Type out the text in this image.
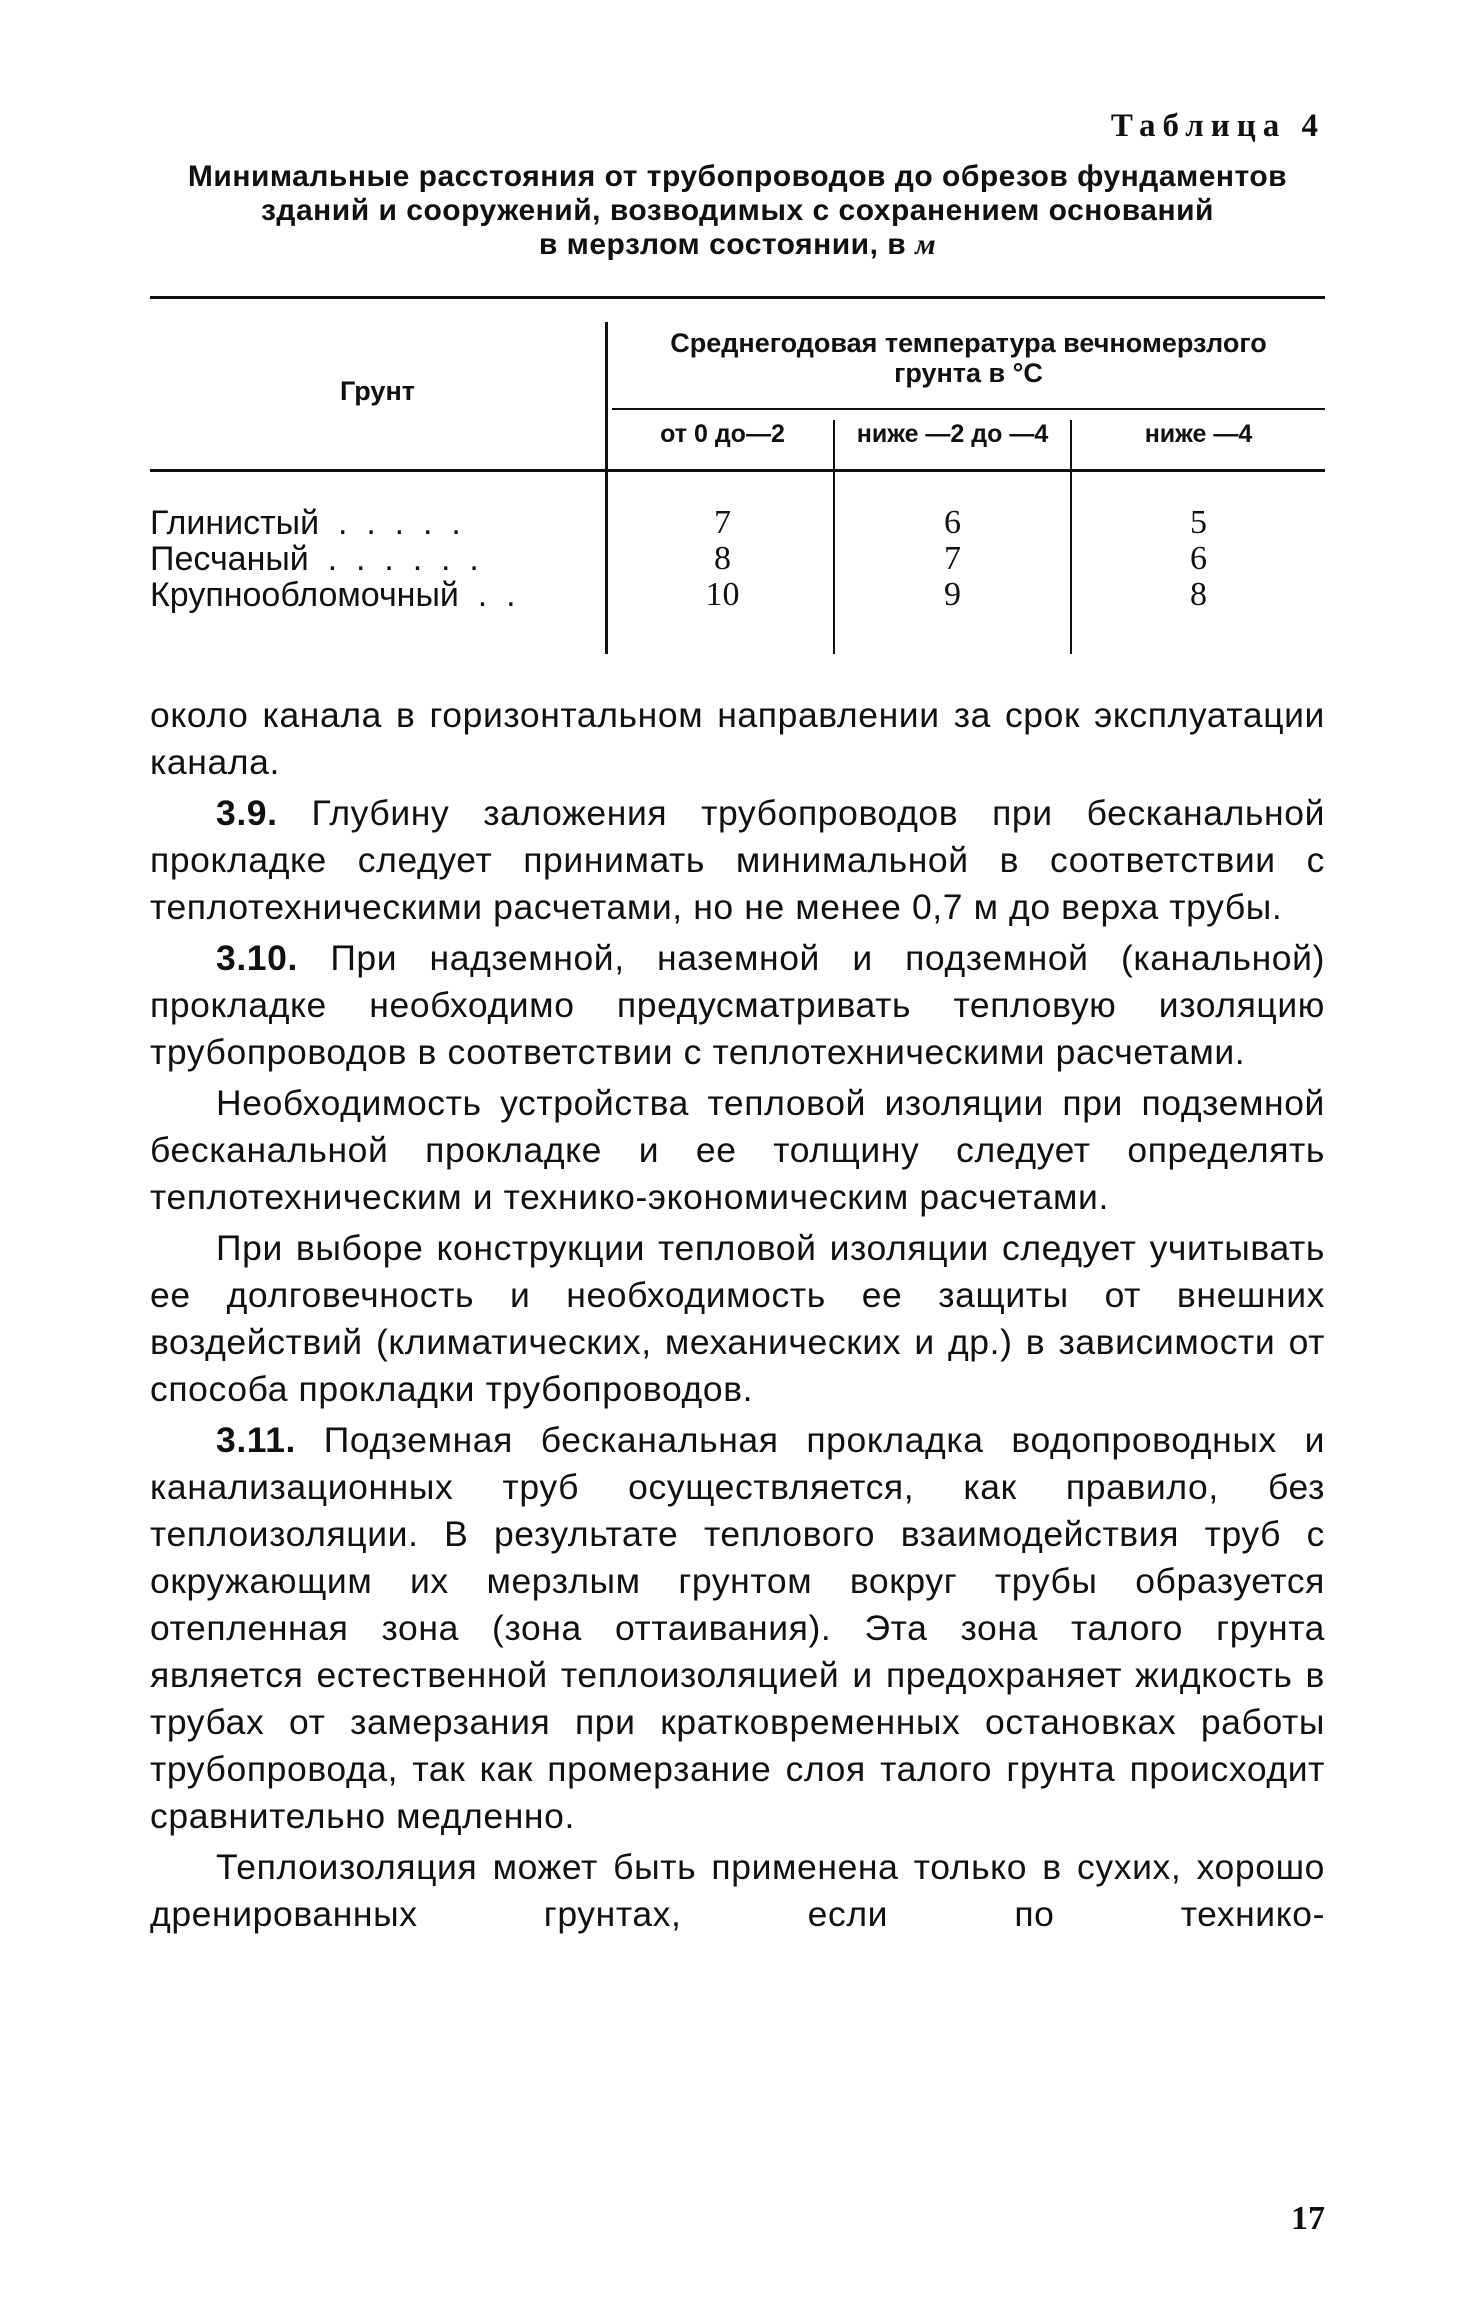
Таблица 4
Минимальные расстояния от трубопроводов до обрезов фундаментов
зданий и сооружений, возводимых с сохранением оснований
в мерзлом состоянии, в м
Грунт
Среднегодовая температура вечномерзлого
грунта в °С
от 0 до—2	ниже —2 до —4	ниже —4
Глинистый  .  .  .  .  .	7	6	5
Песчаный  .  .  .  .  .  .	8	7	6
Крупнообломочный  .  .	10	9	8

около канала в горизонтальном направлении за срок эксплуатации канала.

3.9. Глубину заложения трубопроводов при бесканальной прокладке следует принимать минимальной в соответствии с теплотехническими расчетами, но не менее 0,7 м до верха трубы.

3.10. При надземной, наземной и подземной (канальной) прокладке необходимо предусматривать тепловую изоляцию трубопроводов в соответствии с теплотехническими расчетами.

Необходимость устройства тепловой изоляции при подземной бесканальной прокладке и ее толщину следует определять теплотехническим и технико-экономическим расчетами.

При выборе конструкции тепловой изоляции следует учитывать ее долговечность и необходимость ее защиты от внешних воздействий (климатических, механических и др.) в зависимости от способа прокладки трубопроводов.

3.11. Подземная бесканальная прокладка водопроводных и канализационных труб осуществляется, как правило, без теплоизоляции. В результате теплового взаимодействия труб с окружающим их мерзлым грунтом вокруг трубы образуется отепленная зона (зона оттаивания). Эта зона талого грунта является естественной теплоизоляцией и предохраняет жидкость в трубах от замерзания при кратковременных остановках работы трубопровода, так как промерзание слоя талого грунта происходит сравнительно медленно.

Теплоизоляция может быть применена только в сухих, хорошо дренированных грунтах, если по технико-

17
